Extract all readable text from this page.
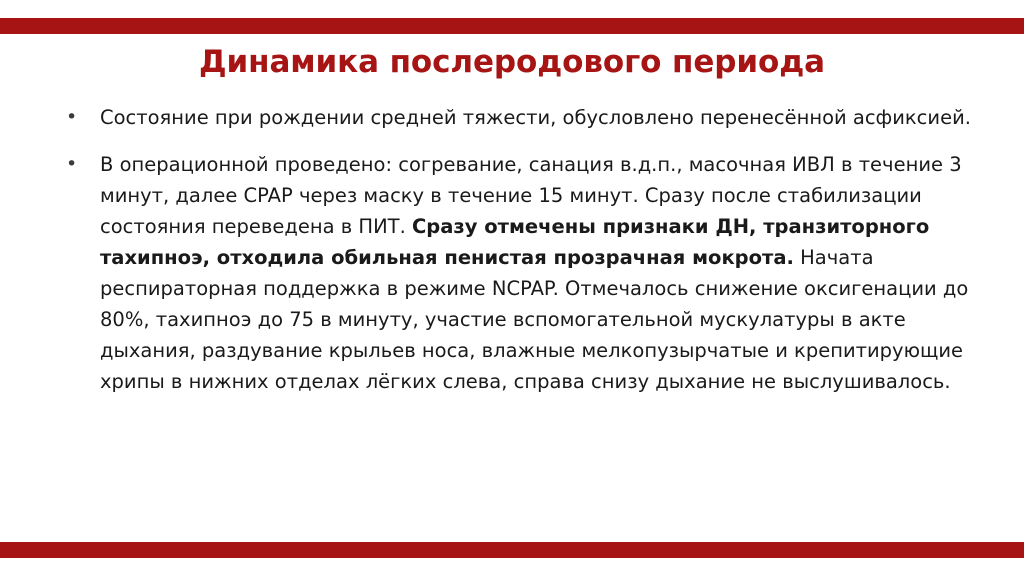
Динамика послеродового периода
•	Состояние при рождении средней тяжести, обусловлено перенесённой асфиксией.
•	В операционной проведено: согревание, санация в.д.п., масочная ИВЛ в течение 3 минут, далее CPAP через маску в течение 15 минут. Сразу после стабилизации состояния переведена в ПИТ. Сразу отмечены признаки ДН, транзиторного тахипноэ, отходила обильная пенистая прозрачная мокрота. Начата респираторная поддержка в режиме NCPAP. Отмечалось снижение оксигенации до 80%, тахипноэ до 75 в минуту, участие вспомогательной мускулатуры в акте дыхания, раздувание крыльев носа, влажные мелкопузырчатые и крепитирующие хрипы в нижних отделах лёгких слева, справа снизу дыхание не выслушивалось.
